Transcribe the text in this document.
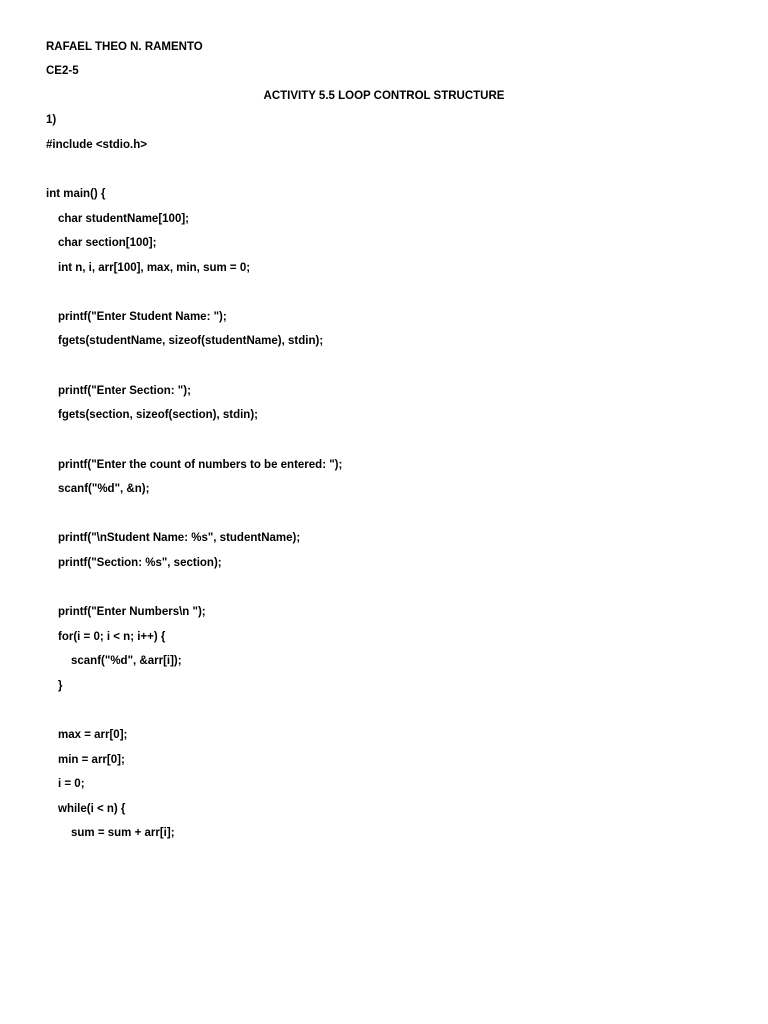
RAFAEL THEO N. RAMENTO
CE2-5
ACTIVITY 5.5 LOOP CONTROL STRUCTURE
1)
#include <stdio.h>
int main() {
char studentName[100];
char section[100];
int n, i, arr[100], max, min, sum = 0;
printf("Enter Student Name: ");
fgets(studentName, sizeof(studentName), stdin);
printf("Enter Section: ");
fgets(section, sizeof(section), stdin);
printf("Enter the count of numbers to be entered: ");
scanf("%d", &n);
printf("\nStudent Name: %s", studentName);
printf("Section: %s", section);
printf("Enter Numbers\n ");
for(i = 0; i < n; i++) {
scanf("%d", &arr[i]);
}
max = arr[0];
min = arr[0];
i = 0;
while(i < n) {
sum = sum + arr[i];
